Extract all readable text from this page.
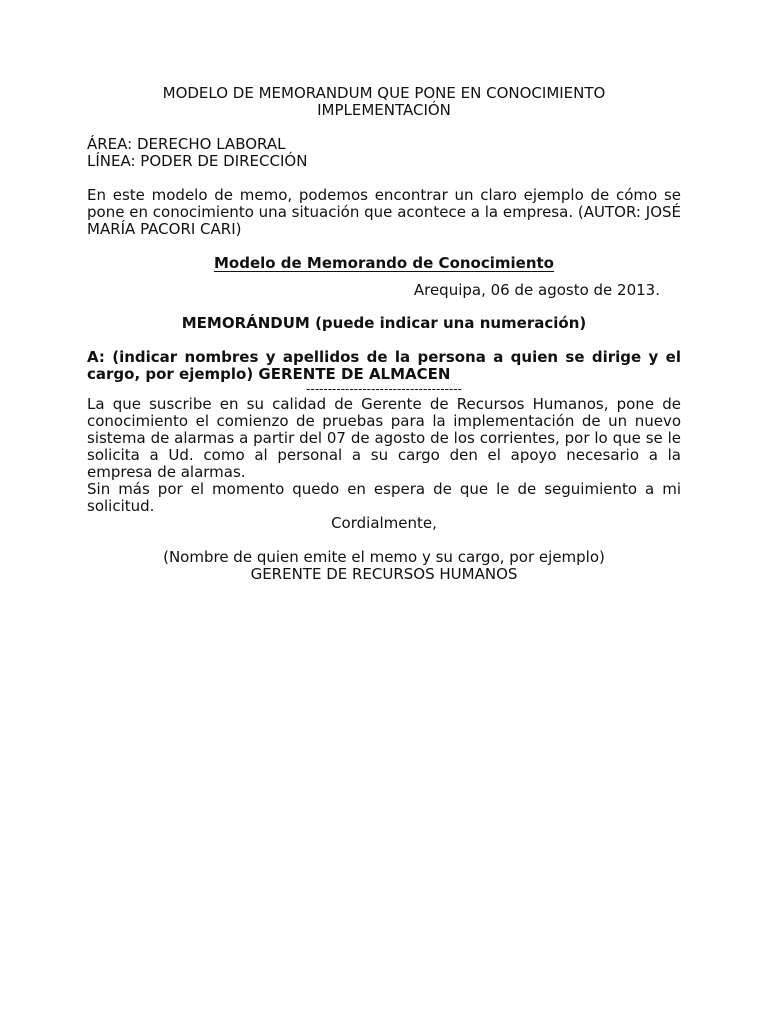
MODELO DE MEMORANDUM QUE PONE EN CONOCIMIENTO
IMPLEMENTACIÓN
ÁREA: DERECHO LABORAL
LÍNEA: PODER DE DIRECCIÓN

En este modelo de memo, podemos encontrar un claro ejemplo de cómo se pone en conocimiento una situación que acontece a la empresa. (AUTOR: JOSÉ MARÍA PACORI CARI)

Modelo de Memorando de Conocimiento
Arequipa, 06 de agosto de 2013.
MEMORÁNDUM (puede indicar una numeración)
A: (indicar nombres y apellidos de la persona a quien se dirige y el cargo, por ejemplo) GERENTE DE ALMACEN
------------------------------------
La que suscribe en su calidad de Gerente de Recursos Humanos, pone de conocimiento el comienzo de pruebas para la implementación de un nuevo sistema de alarmas a partir del 07 de agosto de los corrientes, por lo que se le solicita a Ud. como al personal a su cargo den el apoyo necesario a la empresa de alarmas.
Sin más por el momento quedo en espera de que le de seguimiento a mi solicitud.
Cordialmente,
(Nombre de quien emite el memo y su cargo, por ejemplo)
GERENTE DE RECURSOS HUMANOS
